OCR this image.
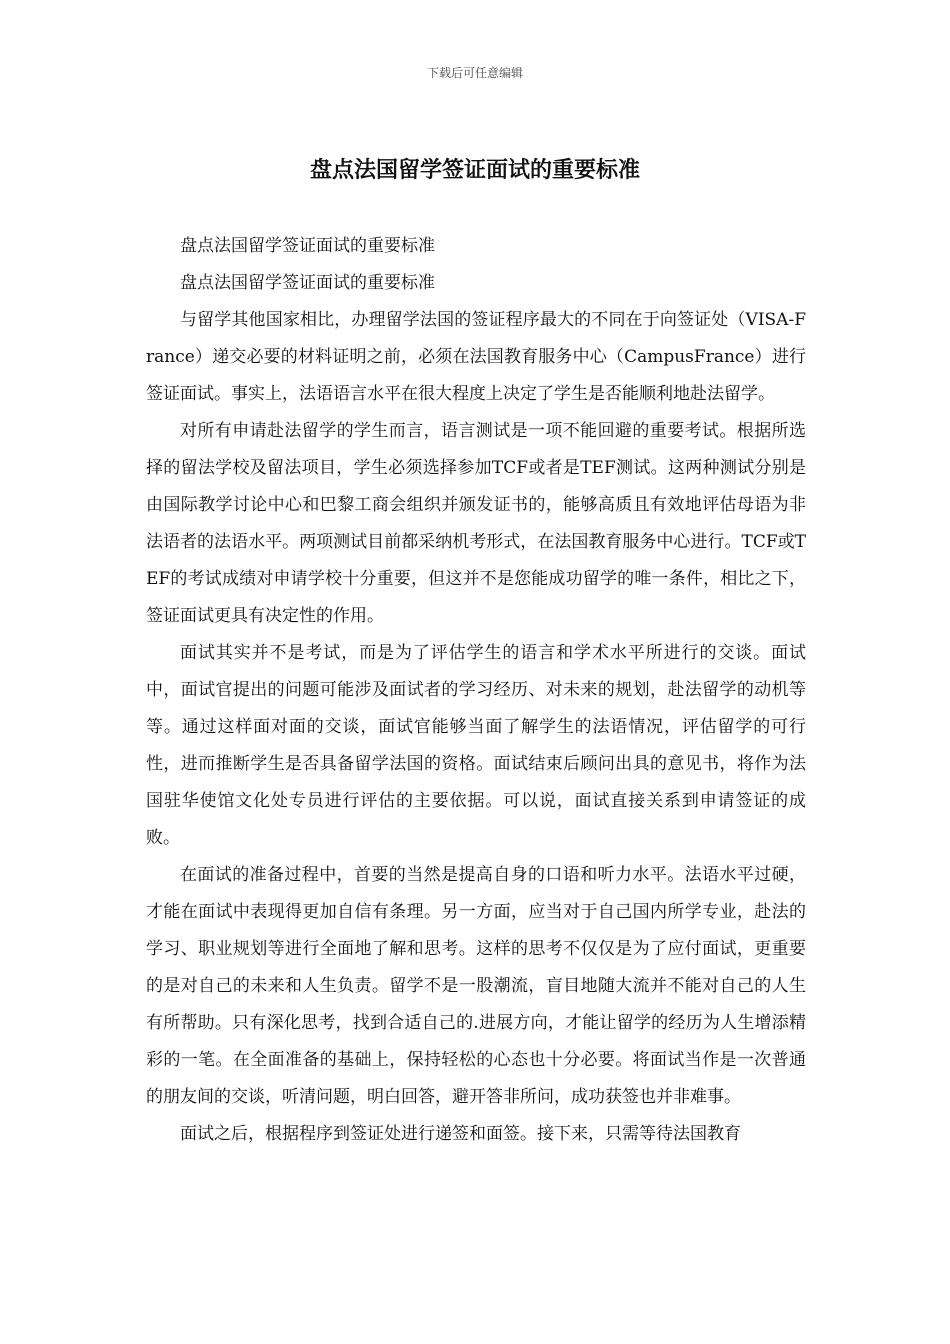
下载后可任意编辑
盘点法国留学签证面试的重要标准

盘点法国留学签证面试的重要标准

盘点法国留学签证面试的重要标准

与留学其他国家相比，办理留学法国的签证程序最大的不同在于向签证处（VISA-France）递交必要的材料证明之前，必须在法国教育服务中心（CampusFrance）进行签证面试。事实上，法语语言水平在很大程度上决定了学生是否能顺利地赴法留学。

对所有申请赴法留学的学生而言，语言测试是一项不能回避的重要考试。根据所选择的留法学校及留法项目，学生必须选择参加TCF或者是TEF测试。这两种测试分别是由国际教学讨论中心和巴黎工商会组织并颁发证书的，能够高质且有效地评估母语为非法语者的法语水平。两项测试目前都采纳机考形式，在法国教育服务中心进行。TCF或TEF的考试成绩对申请学校十分重要，但这并不是您能成功留学的唯一条件，相比之下，签证面试更具有决定性的作用。

面试其实并不是考试，而是为了评估学生的语言和学术水平所进行的交谈。面试中，面试官提出的问题可能涉及面试者的学习经历、对未来的规划，赴法留学的动机等等。通过这样面对面的交谈，面试官能够当面了解学生的法语情况，评估留学的可行性，进而推断学生是否具备留学法国的资格。面试结束后顾问出具的意见书，将作为法国驻华使馆文化处专员进行评估的主要依据。可以说，面试直接关系到申请签证的成败。

在面试的准备过程中，首要的当然是提高自身的口语和听力水平。法语水平过硬，才能在面试中表现得更加自信有条理。另一方面，应当对于自己国内所学专业，赴法的学习、职业规划等进行全面地了解和思考。这样的思考不仅仅是为了应付面试，更重要的是对自己的未来和人生负责。留学不是一股潮流，盲目地随大流并不能对自己的人生有所帮助。只有深化思考，找到合适自己的.进展方向，才能让留学的经历为人生增添精彩的一笔。在全面准备的基础上，保持轻松的心态也十分必要。将面试当作是一次普通的朋友间的交谈，听清问题，明白回答，避开答非所问，成功获签也并非难事。

面试之后，根据程序到签证处进行递签和面签。接下来，只需等待法国教育
